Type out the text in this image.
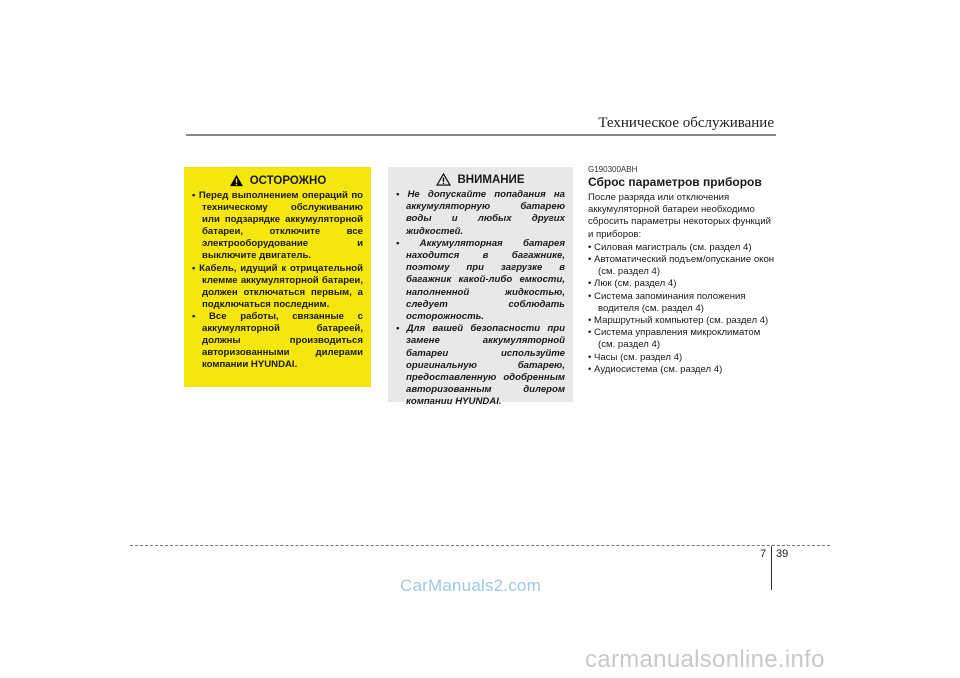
Техническое обслуживание
ОСТОРОЖНО
• Перед выполнением операций по техническому обслуживанию или подзарядке аккумуляторной батареи, отключите все электрооборудование и выключите двигатель.
• Кабель, идущий к отрицательной клемме аккумуляторной батареи, должен отключаться первым, а подключаться последним.
• Все работы, связанные с аккумуляторной батареей, должны производиться авторизованными дилерами компании HYUNDAI.
ВНИМАНИЕ
• Не допускайте попадания на аккумуляторную батарею воды и любых других жидкостей.
• Аккумуляторная батарея находится в багажнике, поэтому при загрузке в багажник какой-либо емкости, наполненной жидкостью, следует соблюдать осторожность.
• Для вашей безопасности при замене аккумуляторной батареи используйте оригинальную батарею, предоставленную одобренным авторизованным дилером компании HYUNDAI.
G190300ABH
Сброс параметров приборов
После разряда или отключения аккумуляторной батареи необходимо сбросить параметры некоторых функций и приборов:
• Силовая магистраль (см. раздел 4)
• Автоматический подъем/опускание окон (см. раздел 4)
• Люк (см. раздел 4)
• Система запоминания положения водителя (см. раздел 4)
• Маршрутный компьютер (см. раздел 4)
• Система управления микроклиматом (см. раздел 4)
• Часы (см. раздел 4)
• Аудиосистема (см. раздел 4)
7 39
CarManuals2.com
carmanualsonline.info
